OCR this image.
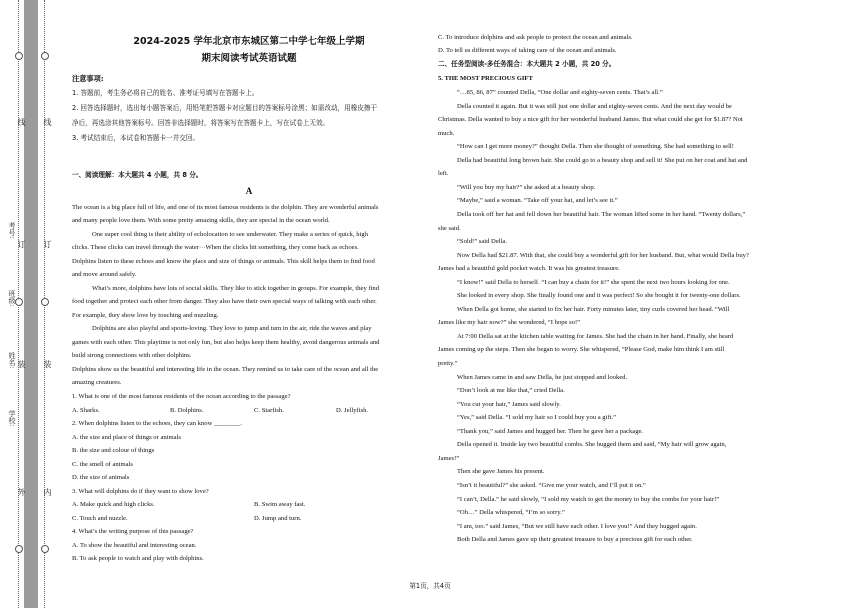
线
订
装
外
线
订
装
内
学校:
姓名:
班级:
考号:
2024-2025 学年北京市东城区第二中学七年级上学期
期末阅读考试英语试题
注意事项:
1. 答题前，考生务必将自己的姓名、准考证号填写在答题卡上。
2. 回答选择题时，选出每小题答案后，用铅笔把答题卡对应题目的答案标号涂黑；如需改动，用橡皮擦干
净后，再选涂其他答案标号。回答非选择题时，将答案写在答题卡上，写在试卷上无效。
3. 考试结束后，本试卷和答题卡一并交回。
一、阅读理解：本大题共 4 小题，共 8 分。
A
The ocean is a big place full of life, and one of its most famous residents is the dolphin. They are wonderful animals
and many people love them. With some pretty amazing skills, they are special in the ocean world.
One super cool thing is their ability of echolocation to see underwater. They make a series of quick, high
clicks. These clicks can travel through the water···When the clicks hit something, they come back as echoes.
Dolphins listen to these echoes and know the place and size of things or animals. This skill helps them to find food
and move around safely.
What’s more, dolphins have lots of social skills. They like to stick together in groups. For example, they find
food together and protect each other from danger. They also have their own special ways of talking with each other.
For example, they show love by touching and nuzzling.
Dolphins are also playful and sports-loving. They love to jump and turn in the air, ride the waves and play
games with each other. This playtime is not only fun, but also helps keep them healthy, avoid dangerous animals and
build strong connections with other dolphins.
Dolphins show us the beautiful and interesting life in the ocean. They remind us to take care of the ocean and all the
amazing creatures.
1. What is one of the most famous residents of the ocean according to the passage?
A. Sharks.	B. Dolphins.	C. Starfish.	D. Jellyfish.
2. When dolphins listen to the echoes, they can know ________.
A. the size and place of things or animals
B. the size and colour of things
C. the smell of animals
D. the size of animals
3. What will dolphins do if they want to show love?
A. Make quick and high clicks.	B. Swim away fast.
C. Touch and nuzzle.	D. Jump and turn.
4. What’s the writing purpose of this passage?
A. To show the beautiful and interesting ocean.
B. To ask people to watch and play with dolphins.
C. To introduce dolphins and ask people to protect the ocean and animals.
D. To tell us different ways of taking care of the ocean and animals.
二、任务型阅读-多任务混合：本大题共 2 小题，共 20 分。
5. THE MOST PRECIOUS GIFT
“…85, 86, 87” counted Della, “One dollar and eighty-seven cents. That’s all.”
Della counted it again. But it was still just one dollar and eighty-seven cents. And the next day would be
Christmas. Della wanted to buy a nice gift for her wonderful husband James. But what could she get for $1.87? Not
much.
“How can I get more money?” thought Della. Then she thought of something. She had something to sell!
Della had beautiful long brown hair. She could go to a beauty shop and sell it! She put on her coat and hat and
left.
“Will you buy my hair?” she asked at a beauty shop.
“Maybe,” said a woman. “Take off your hat, and let’s see it.”
Della took off her hat and fell down her beautiful hair. The woman lifted some in her hand. “Twenty dollars,”
she said.
“Sold!” said Della.
Now Della had $21.87. With that, she could buy a wonderful gift for her husband. But, what would Della buy?
James had a beautiful gold pocket watch. It was his greatest treasure.
“I know!” said Della to herself. “I can buy a chain for it!” she spent the next two hours looking for one.
She looked in every shop. She finally found one and it was perfect! So she bought it for twenty-one dollars.
When Della got home, she started to fix her hair. Forty minutes later, tiny curls covered her head. “Will
James like my hair now?” she wondered, “I hope so!”
At 7:00 Della sat at the kitchen table waiting for James. She had the chain in her hand. Finally, she heard
James coming up the steps. Then she began to worry. She whispered, “Please God, make him think I am still
pretty.”
When James came in and saw Della, he just stopped and looked.
“Don’t look at me like that,” cried Della.
“You cut your hair,” James said slowly.
“Yes,” said Della. “I sold my hair so I could buy you a gift.”
“Thank you,” said James and hugged her. Then he gave her a package.
Della opened it. Inside lay two beautiful combs. She hugged them and said, “My hair will grow again,
James!”
Then she gave James his present.
“Isn’t it beautiful?” she asked. “Give me your watch, and I’ll put it on.”
“I can’t, Della.” he said slowly, “I sold my watch to get the money to buy the combs for your hair!”
“Oh…” Della whispered, “I’m so sorry.”
“I am, too.” said James, “But we still have each other. I love you!” And they hugged again.
Both Della and James gave up their greatest treasure to buy a precious gift for each other.
第1页，共4页
